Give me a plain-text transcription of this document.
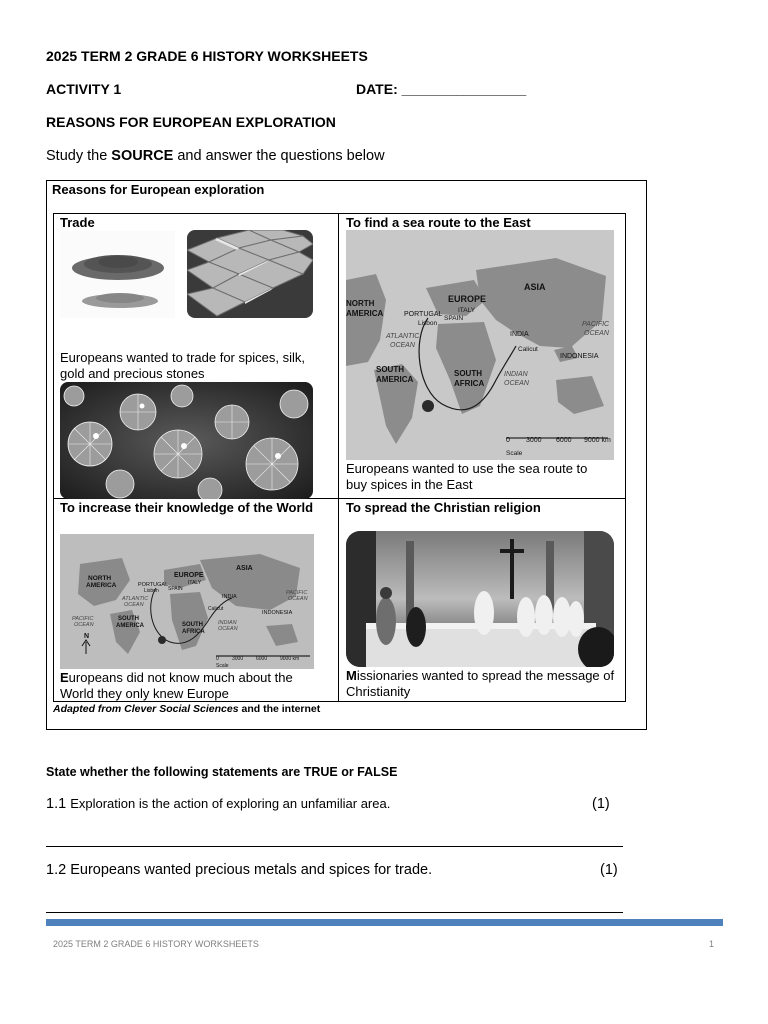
2025 TERM 2 GRADE 6 HISTORY WORKSHEETS
ACTIVITY 1	DATE: ________________
REASONS FOR EUROPEAN EXPLORATION
Study the SOURCE and answer the questions below
Reasons for European exploration
Trade
Europeans wanted to trade for spices, silk, gold and precious stones
To find a sea route to the East
ASIA
EUROPE
NORTH AMERICA	PORTUGAL
Lisbon
ITALY
SPAIN
ATLANTIC OCEAN
INDIA
Calicut
PACIFIC OCEAN
INDONESIA
SOUTH AMERICA
SOUTH AFRICA
INDIAN OCEAN
0 3000 6000 9000 km
Scale
Europeans wanted to use the sea route to buy spices in the East
To increase their knowledge of the World
ASIA
EUROPE
NORTH AMERICA	PORTUGAL
Lisbon
ITALY
SPAIN
ATLANTIC OCEAN
PACIFIC OCEAN
INDIA
Calicut
PACIFIC OCEAN
INDONESIA
SOUTH AMERICA	SOUTH AFRICA
INDIAN OCEAN
N
0	3000	6000	9000 km
Scale
Europeans did not know much about the World they only knew Europe
To spread the Christian religion
Missionaries wanted to spread the message of Christianity
Adapted from Clever Social Sciences and the internet
State whether the following statements are TRUE or FALSE
1.1 Exploration is the action of exploring an unfamiliar area.	(1)
1.2 Europeans wanted precious metals and spices for trade.	(1)
2025 TERM 2 GRADE 6 HISTORY WORKSHEETS	1
